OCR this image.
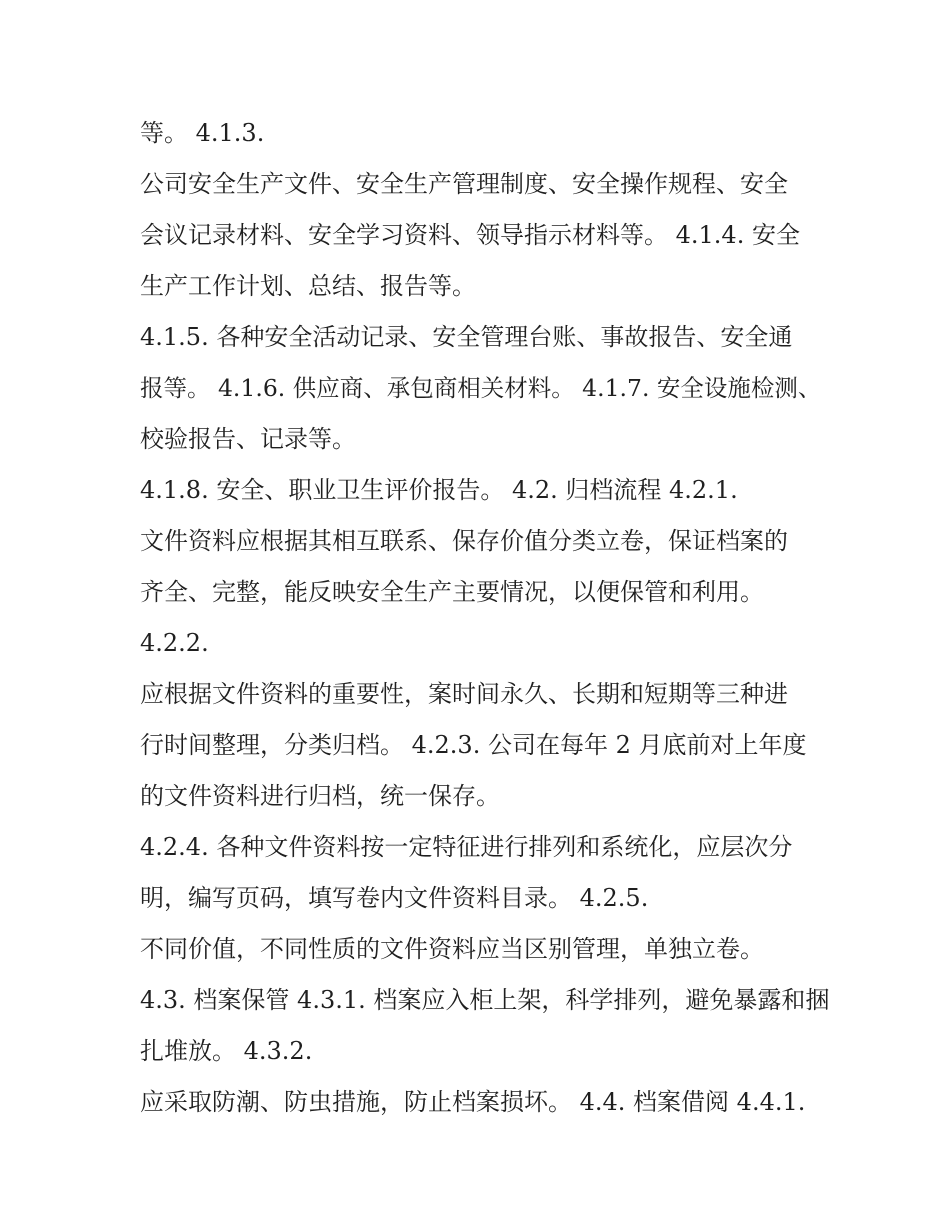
等。 4.1.3.
公司安全生产文件、安全生产管理制度、安全操作规程、安全
会议记录材料、安全学习资料、领导指示材料等。 4.1.4. 安全
生产工作计划、总结、报告等。
4.1.5. 各种安全活动记录、安全管理台账、事故报告、安全通
报等。 4.1.6. 供应商、承包商相关材料。 4.1.7. 安全设施检测、
校验报告、记录等。
4.1.8. 安全、职业卫生评价报告。 4.2. 归档流程 4.2.1.
文件资料应根据其相互联系、保存价值分类立卷，保证档案的
齐全、完整，能反映安全生产主要情况，以便保管和利用。
4.2.2.
应根据文件资料的重要性，案时间永久、长期和短期等三种进
行时间整理，分类归档。 4.2.3. 公司在每年 2 月底前对上年度
的文件资料进行归档，统一保存。
4.2.4. 各种文件资料按一定特征进行排列和系统化，应层次分
明，编写页码，填写卷内文件资料目录。 4.2.5.
不同价值，不同性质的文件资料应当区别管理，单独立卷。
4.3. 档案保管 4.3.1. 档案应入柜上架，科学排列，避免暴露和捆
扎堆放。 4.3.2.
应采取防潮、防虫措施，防止档案损坏。 4.4. 档案借阅 4.4.1.
